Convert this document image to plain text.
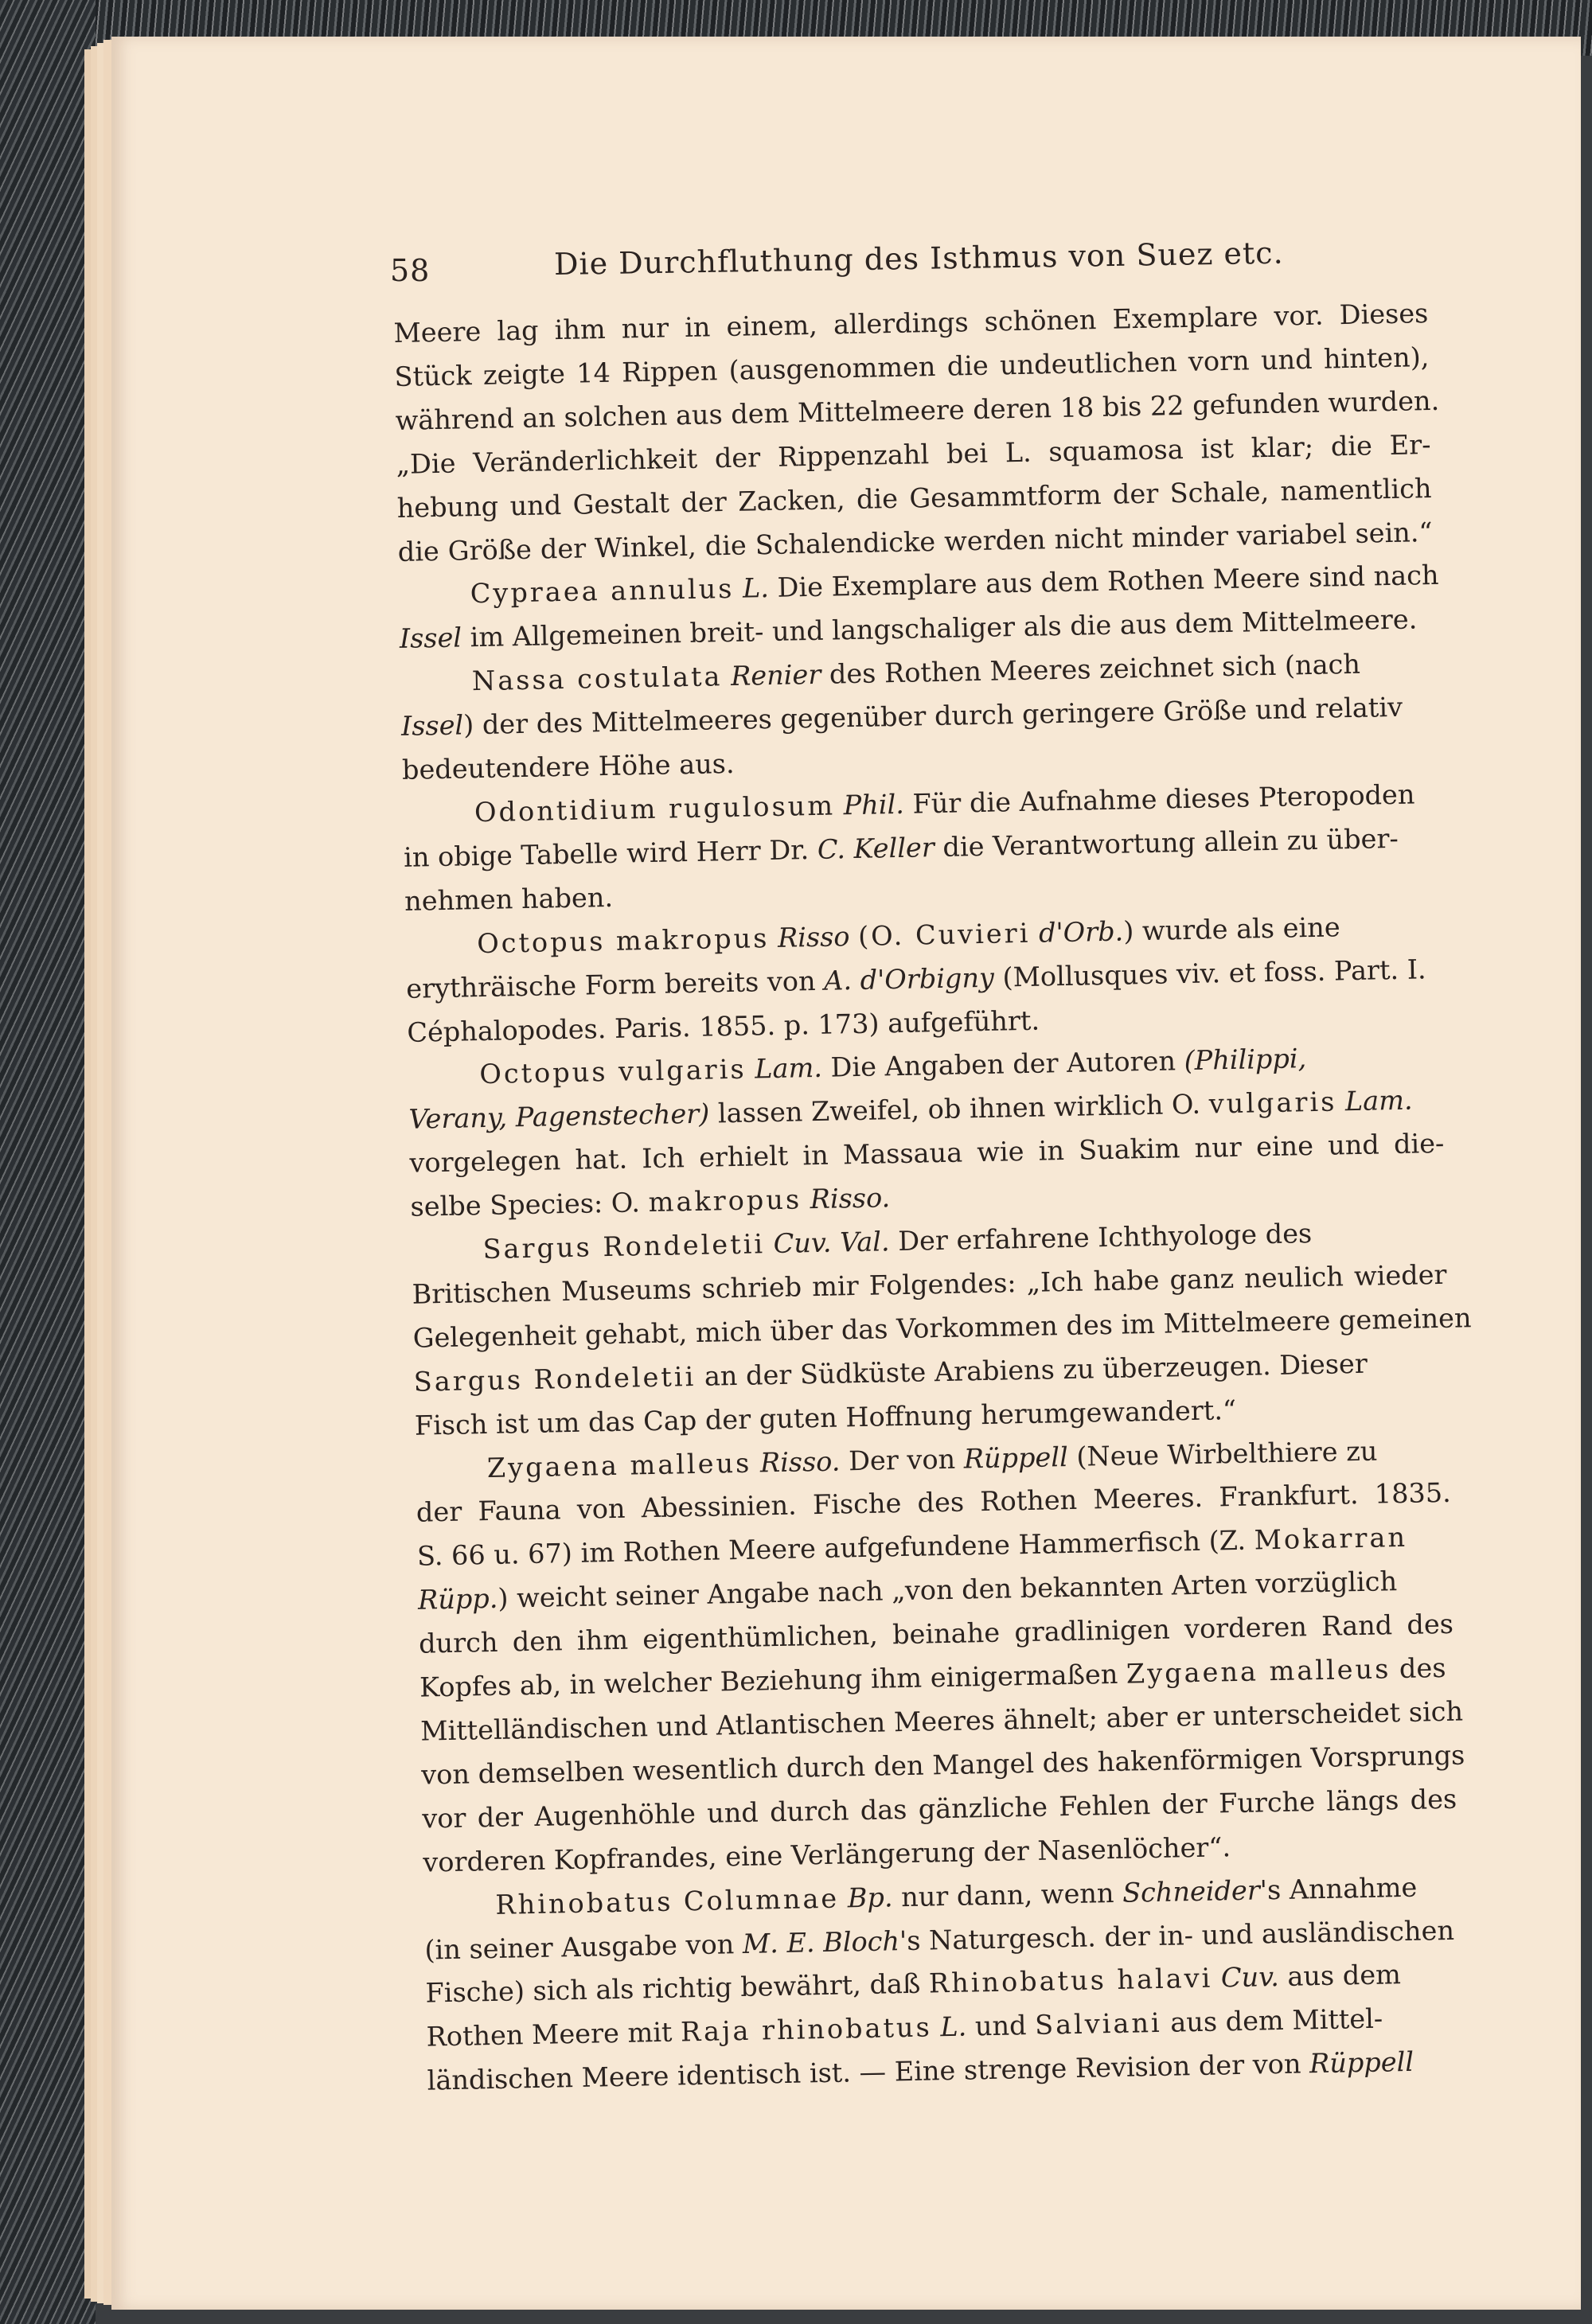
58	Die Durchfluthung des Isthmus von Suez etc.
Meere lag ihm nur in einem, allerdings schönen Exemplare vor. Dieses
Stück zeigte 14 Rippen (ausgenommen die undeutlichen vorn und hinten),
während an solchen aus dem Mittelmeere deren 18 bis 22 gefunden wurden.
„Die Veränderlichkeit der Rippenzahl bei L. squamosa ist klar; die Er-
hebung und Gestalt der Zacken, die Gesammtform der Schale, namentlich
die Größe der Winkel, die Schalendicke werden nicht minder variabel sein.“
Cypraea annulus L. Die Exemplare aus dem Rothen Meere sind nach
Issel im Allgemeinen breit- und langschaliger als die aus dem Mittelmeere.
Nassa costulata Renier des Rothen Meeres zeichnet sich (nach
Issel) der des Mittelmeeres gegenüber durch geringere Größe und relativ
bedeutendere Höhe aus.
Odontidium rugulosum Phil. Für die Aufnahme dieses Pteropoden
in obige Tabelle wird Herr Dr. C. Keller die Verantwortung allein zu über-
nehmen haben.
Octopus makropus Risso (O. Cuvieri d'Orb.) wurde als eine
erythräische Form bereits von A. d'Orbigny (Mollusques viv. et foss. Part. I.
Céphalopodes. Paris. 1855. p. 173) aufgeführt.
Octopus vulgaris Lam. Die Angaben der Autoren (Philippi,
Verany, Pagenstecher) lassen Zweifel, ob ihnen wirklich O. vulgaris Lam.
vorgelegen hat. Ich erhielt in Massaua wie in Suakim nur eine und die-
selbe Species: O. makropus Risso.
Sargus Rondeletii Cuv. Val. Der erfahrene Ichthyologe des
Britischen Museums schrieb mir Folgendes: „Ich habe ganz neulich wieder
Gelegenheit gehabt, mich über das Vorkommen des im Mittelmeere gemeinen
Sargus Rondeletii an der Südküste Arabiens zu überzeugen. Dieser
Fisch ist um das Cap der guten Hoffnung herumgewandert.“
Zygaena malleus Risso. Der von Rüppell (Neue Wirbelthiere zu
der Fauna von Abessinien. Fische des Rothen Meeres. Frankfurt. 1835.
S. 66 u. 67) im Rothen Meere aufgefundene Hammerfisch (Z. Mokarran
Rüpp.) weicht seiner Angabe nach „von den bekannten Arten vorzüglich
durch den ihm eigenthümlichen, beinahe gradlinigen vorderen Rand des
Kopfes ab, in welcher Beziehung ihm einigermaßen Zygaena malleus des
Mittelländischen und Atlantischen Meeres ähnelt; aber er unterscheidet sich
von demselben wesentlich durch den Mangel des hakenförmigen Vorsprungs
vor der Augenhöhle und durch das gänzliche Fehlen der Furche längs des
vorderen Kopfrandes, eine Verlängerung der Nasenlöcher“.
Rhinobatus Columnae Bp. nur dann, wenn Schneider's Annahme
(in seiner Ausgabe von M. E. Bloch's Naturgesch. der in- und ausländischen
Fische) sich als richtig bewährt, daß Rhinobatus halavi Cuv. aus dem
Rothen Meere mit Raja rhinobatus L. und Salviani aus dem Mittel-
ländischen Meere identisch ist. — Eine strenge Revision der von Rüppell
